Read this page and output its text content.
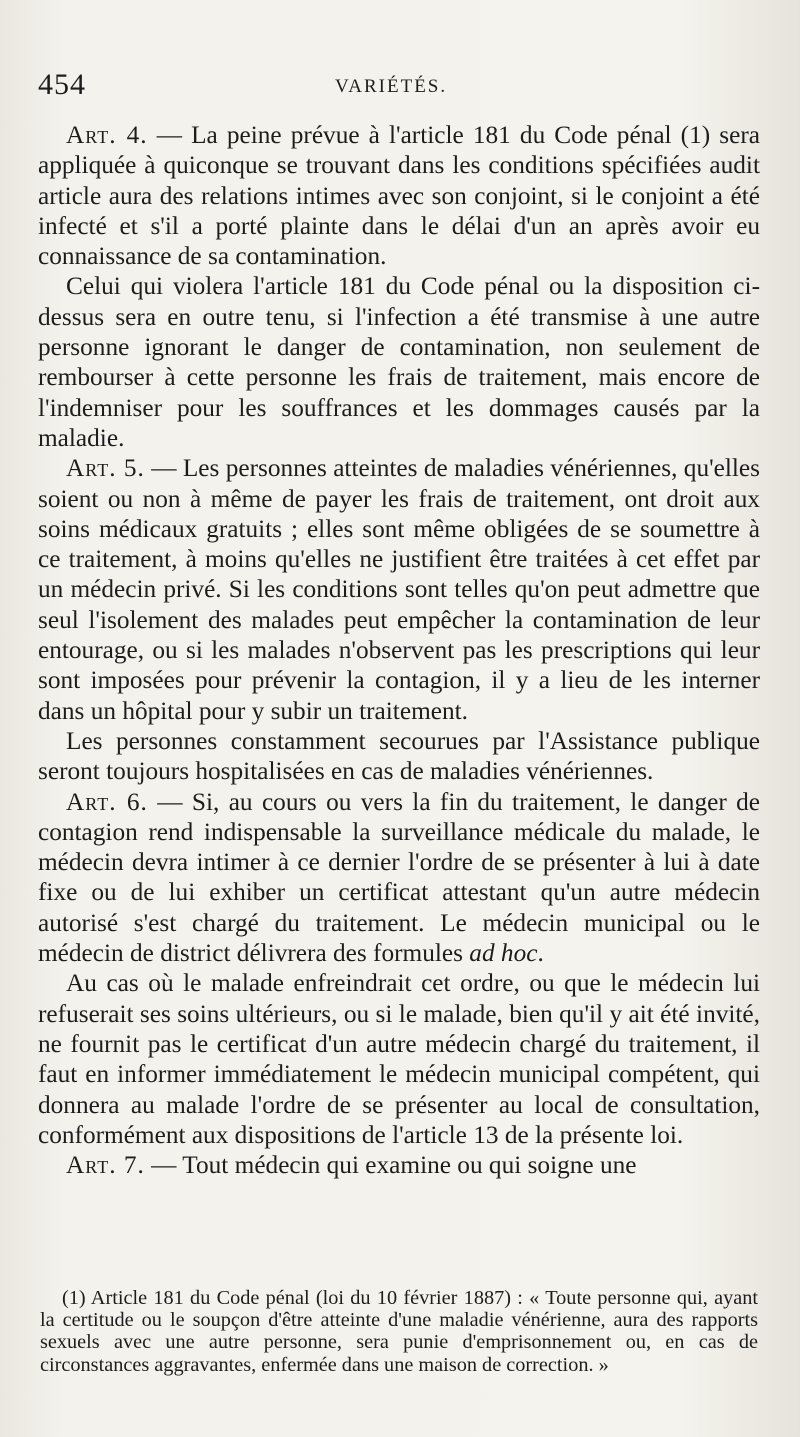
454	VARIÉTÉS.

Art. 4. — La peine prévue à l'article 181 du Code pénal (1) sera appliquée à quiconque se trouvant dans les conditions spécifiées audit article aura des relations intimes avec son conjoint, si le conjoint a été infecté et s'il a porté plainte dans le délai d'un an après avoir eu connaissance de sa contamination.

Celui qui violera l'article 181 du Code pénal ou la disposition ci-dessus sera en outre tenu, si l'infection a été transmise à une autre personne ignorant le danger de contamination, non seulement de rembourser à cette personne les frais de traitement, mais encore de l'indemniser pour les souffrances et les dommages causés par la maladie.

Art. 5. — Les personnes atteintes de maladies vénériennes, qu'elles soient ou non à même de payer les frais de traitement, ont droit aux soins médicaux gratuits ; elles sont même obligées de se soumettre à ce traitement, à moins qu'elles ne justifient être traitées à cet effet par un médecin privé. Si les conditions sont telles qu'on peut admettre que seul l'isolement des malades peut empêcher la contamination de leur entourage, ou si les malades n'observent pas les prescriptions qui leur sont imposées pour prévenir la contagion, il y a lieu de les interner dans un hôpital pour y subir un traitement.

Les personnes constamment secourues par l'Assistance publique seront toujours hospitalisées en cas de maladies vénériennes.

Art. 6. — Si, au cours ou vers la fin du traitement, le danger de contagion rend indispensable la surveillance médicale du malade, le médecin devra intimer à ce dernier l'ordre de se présenter à lui à date fixe ou de lui exhiber un certificat attestant qu'un autre médecin autorisé s'est chargé du traitement. Le médecin municipal ou le médecin de district délivrera des formules ad hoc.

Au cas où le malade enfreindrait cet ordre, ou que le médecin lui refuserait ses soins ultérieurs, ou si le malade, bien qu'il y ait été invité, ne fournit pas le certificat d'un autre médecin chargé du traitement, il faut en informer immédiatement le médecin municipal compétent, qui donnera au malade l'ordre de se présenter au local de consultation, conformément aux dispositions de l'article 13 de la présente loi.

Art. 7. — Tout médecin qui examine ou qui soigne une

(1) Article 181 du Code pénal (loi du 10 février 1887) : « Toute personne qui, ayant la certitude ou le soupçon d'être atteinte d'une maladie vénérienne, aura des rapports sexuels avec une autre personne, sera punie d'emprisonnement ou, en cas de circonstances aggravantes, enfermée dans une maison de correction. »
